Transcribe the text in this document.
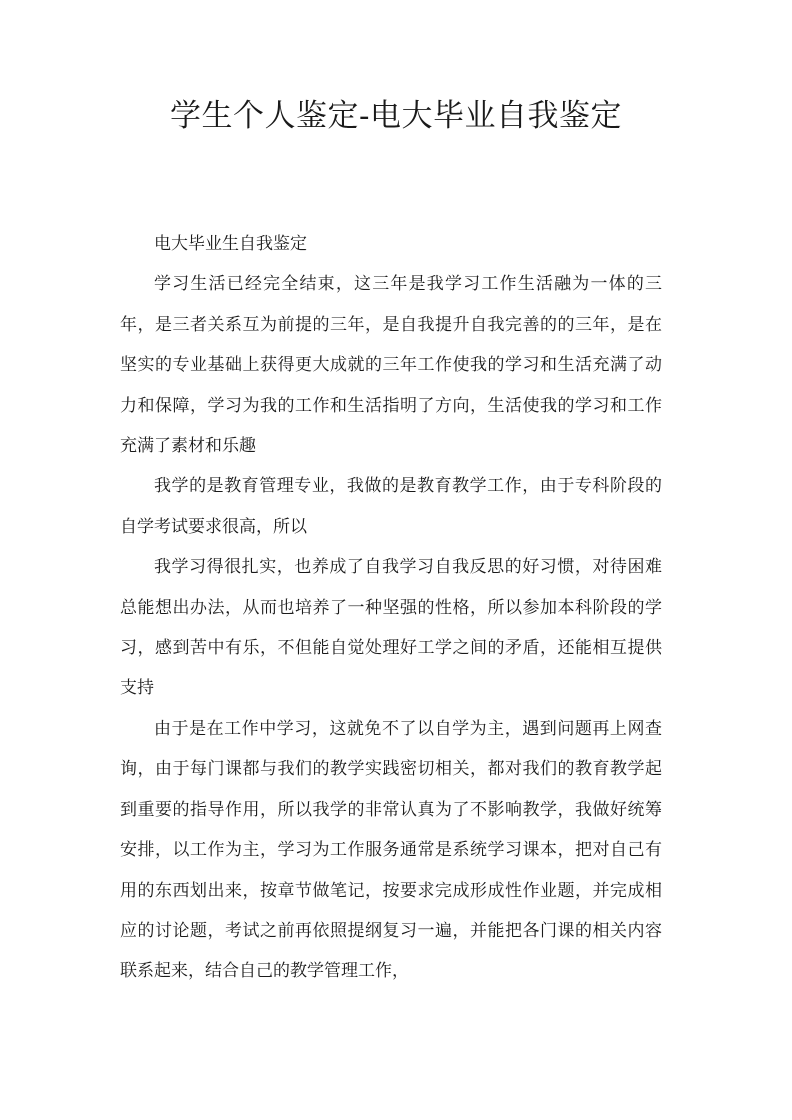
学生个人鉴定-电大毕业自我鉴定

电大毕业生自我鉴定

学习生活已经完全结束，这三年是我学习工作生活融为一体的三年，是三者关系互为前提的三年，是自我提升自我完善的的三年，是在坚实的专业基础上获得更大成就的三年工作使我的学习和生活充满了动力和保障，学习为我的工作和生活指明了方向，生活使我的学习和工作充满了素材和乐趣

我学的是教育管理专业，我做的是教育教学工作，由于专科阶段的自学考试要求很高，所以

我学习得很扎实，也养成了自我学习自我反思的好习惯，对待困难总能想出办法，从而也培养了一种坚强的性格，所以参加本科阶段的学习，感到苦中有乐，不但能自觉处理好工学之间的矛盾，还能相互提供支持

由于是在工作中学习，这就免不了以自学为主，遇到问题再上网查询，由于每门课都与我们的教学实践密切相关，都对我们的教育教学起到重要的指导作用，所以我学的非常认真为了不影响教学，我做好统筹安排，以工作为主，学习为工作服务通常是系统学习课本，把对自己有用的东西划出来，按章节做笔记，按要求完成形成性作业题，并完成相应的讨论题，考试之前再依照提纲复习一遍，并能把各门课的相关内容联系起来，结合自己的教学管理工作，
